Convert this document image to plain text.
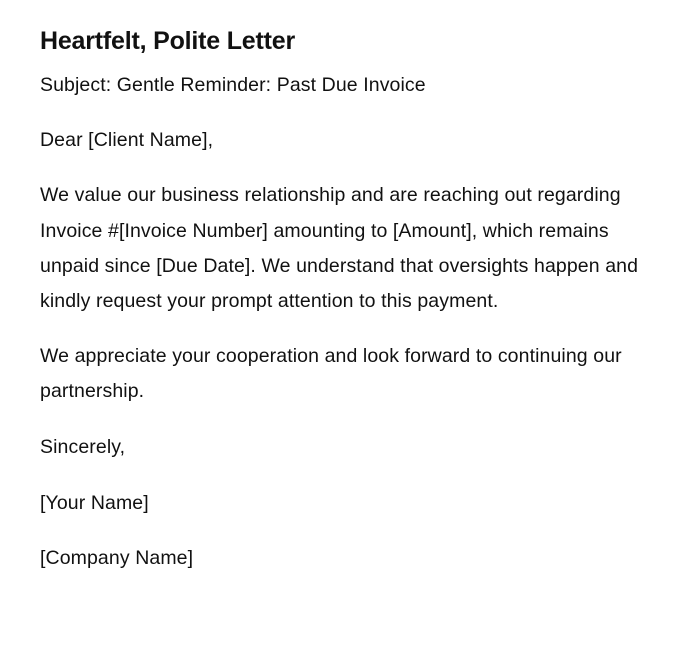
Heartfelt, Polite Letter

Subject: Gentle Reminder: Past Due Invoice

Dear [Client Name],

We value our business relationship and are reaching out regarding Invoice #[Invoice Number] amounting to [Amount], which remains unpaid since [Due Date]. We understand that oversights happen and kindly request your prompt attention to this payment.

We appreciate your cooperation and look forward to continuing our partnership.

Sincerely,

[Your Name]

[Company Name]
